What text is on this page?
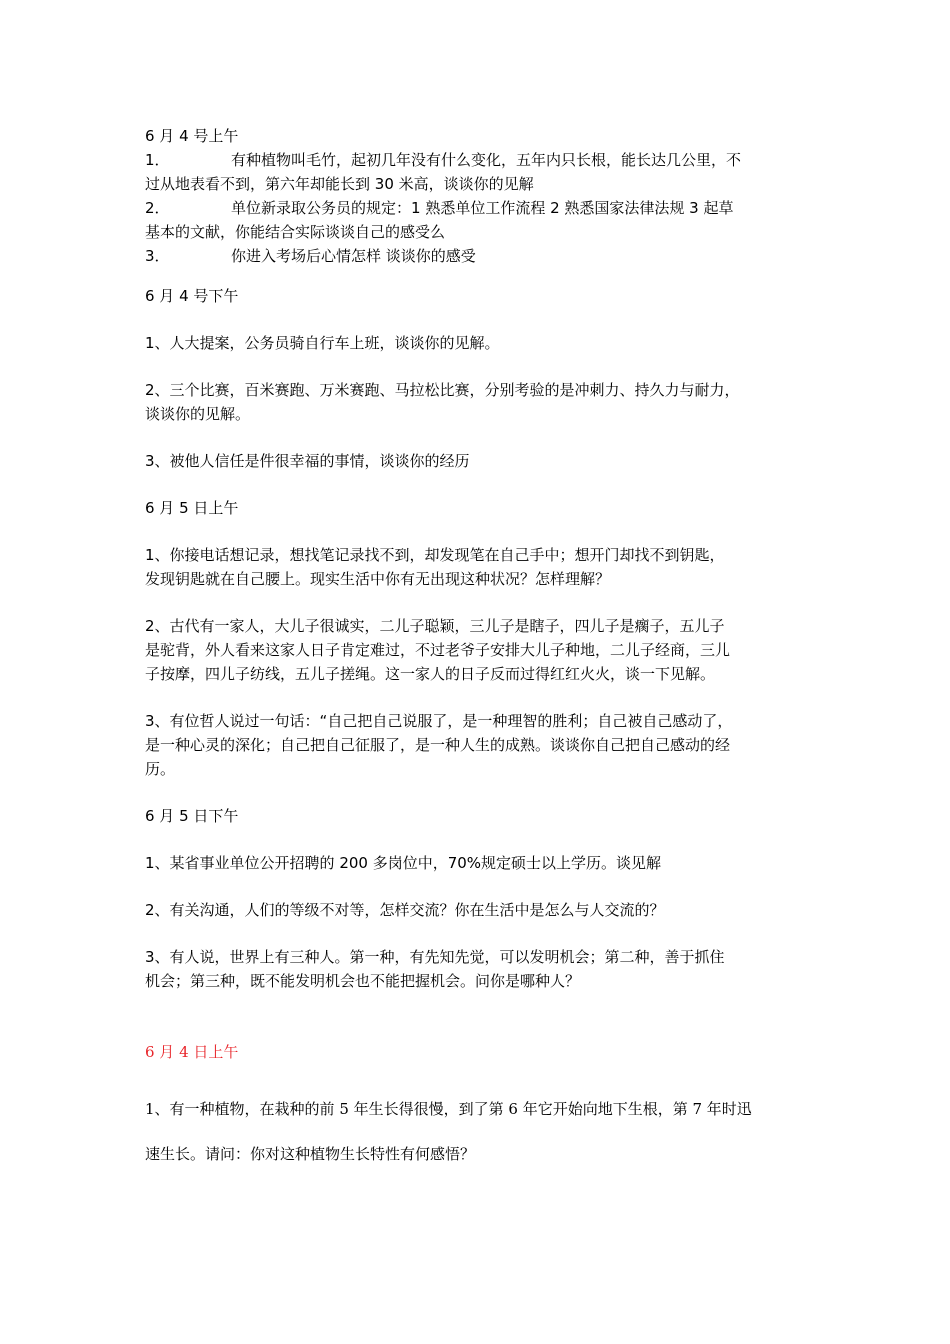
6 月 4 号上午
1．	有种植物叫毛竹，起初几年没有什么变化，五年内只长根，能长达几公里，不
过从地表看不到，第六年却能长到 30 米高，谈谈你的见解
2．	单位新录取公务员的规定：1 熟悉单位工作流程 2 熟悉国家法律法规 3 起草
基本的文献，你能结合实际谈谈自己的感受么
3．	你进入考场后心情怎样 谈谈你的感受
6 月 4 号下午
1、人大提案，公务员骑自行车上班，谈谈你的见解。
2、三个比赛，百米赛跑、万米赛跑、马拉松比赛，分别考验的是冲刺力、持久力与耐力，
谈谈你的见解。
3、被他人信任是件很幸福的事情，谈谈你的经历
6 月 5 日上午
1、你接电话想记录，想找笔记录找不到，却发现笔在自己手中；想开门却找不到钥匙，
发现钥匙就在自己腰上。现实生活中你有无出现这种状况？怎样理解？
2、古代有一家人，大儿子很诚实，二儿子聪颖，三儿子是瞎子，四儿子是瘸子，五儿子
是驼背，外人看来这家人日子肯定难过，不过老爷子安排大儿子种地，二儿子经商，三儿
子按摩，四儿子纺线，五儿子搓绳。这一家人的日子反而过得红红火火，谈一下见解。
3、有位哲人说过一句话：“自己把自己说服了，是一种理智的胜利；自己被自己感动了，
是一种心灵的深化；自己把自己征服了，是一种人生的成熟。谈谈你自己把自己感动的经
历。
6 月 5 日下午
1、某省事业单位公开招聘的 200 多岗位中，70%规定硕士以上学历。谈见解
2、有关沟通，人们的等级不对等，怎样交流？你在生活中是怎么与人交流的？
3、有人说，世界上有三种人。第一种，有先知先觉，可以发明机会；第二种，善于抓住
机会；第三种，既不能发明机会也不能把握机会。问你是哪种人？
6 月 4 日上午
1、有一种植物，在栽种的前 5 年生长得很慢，到了第 6 年它开始向地下生根，第 7 年时迅
速生长。请问：你对这种植物生长特性有何感悟？
